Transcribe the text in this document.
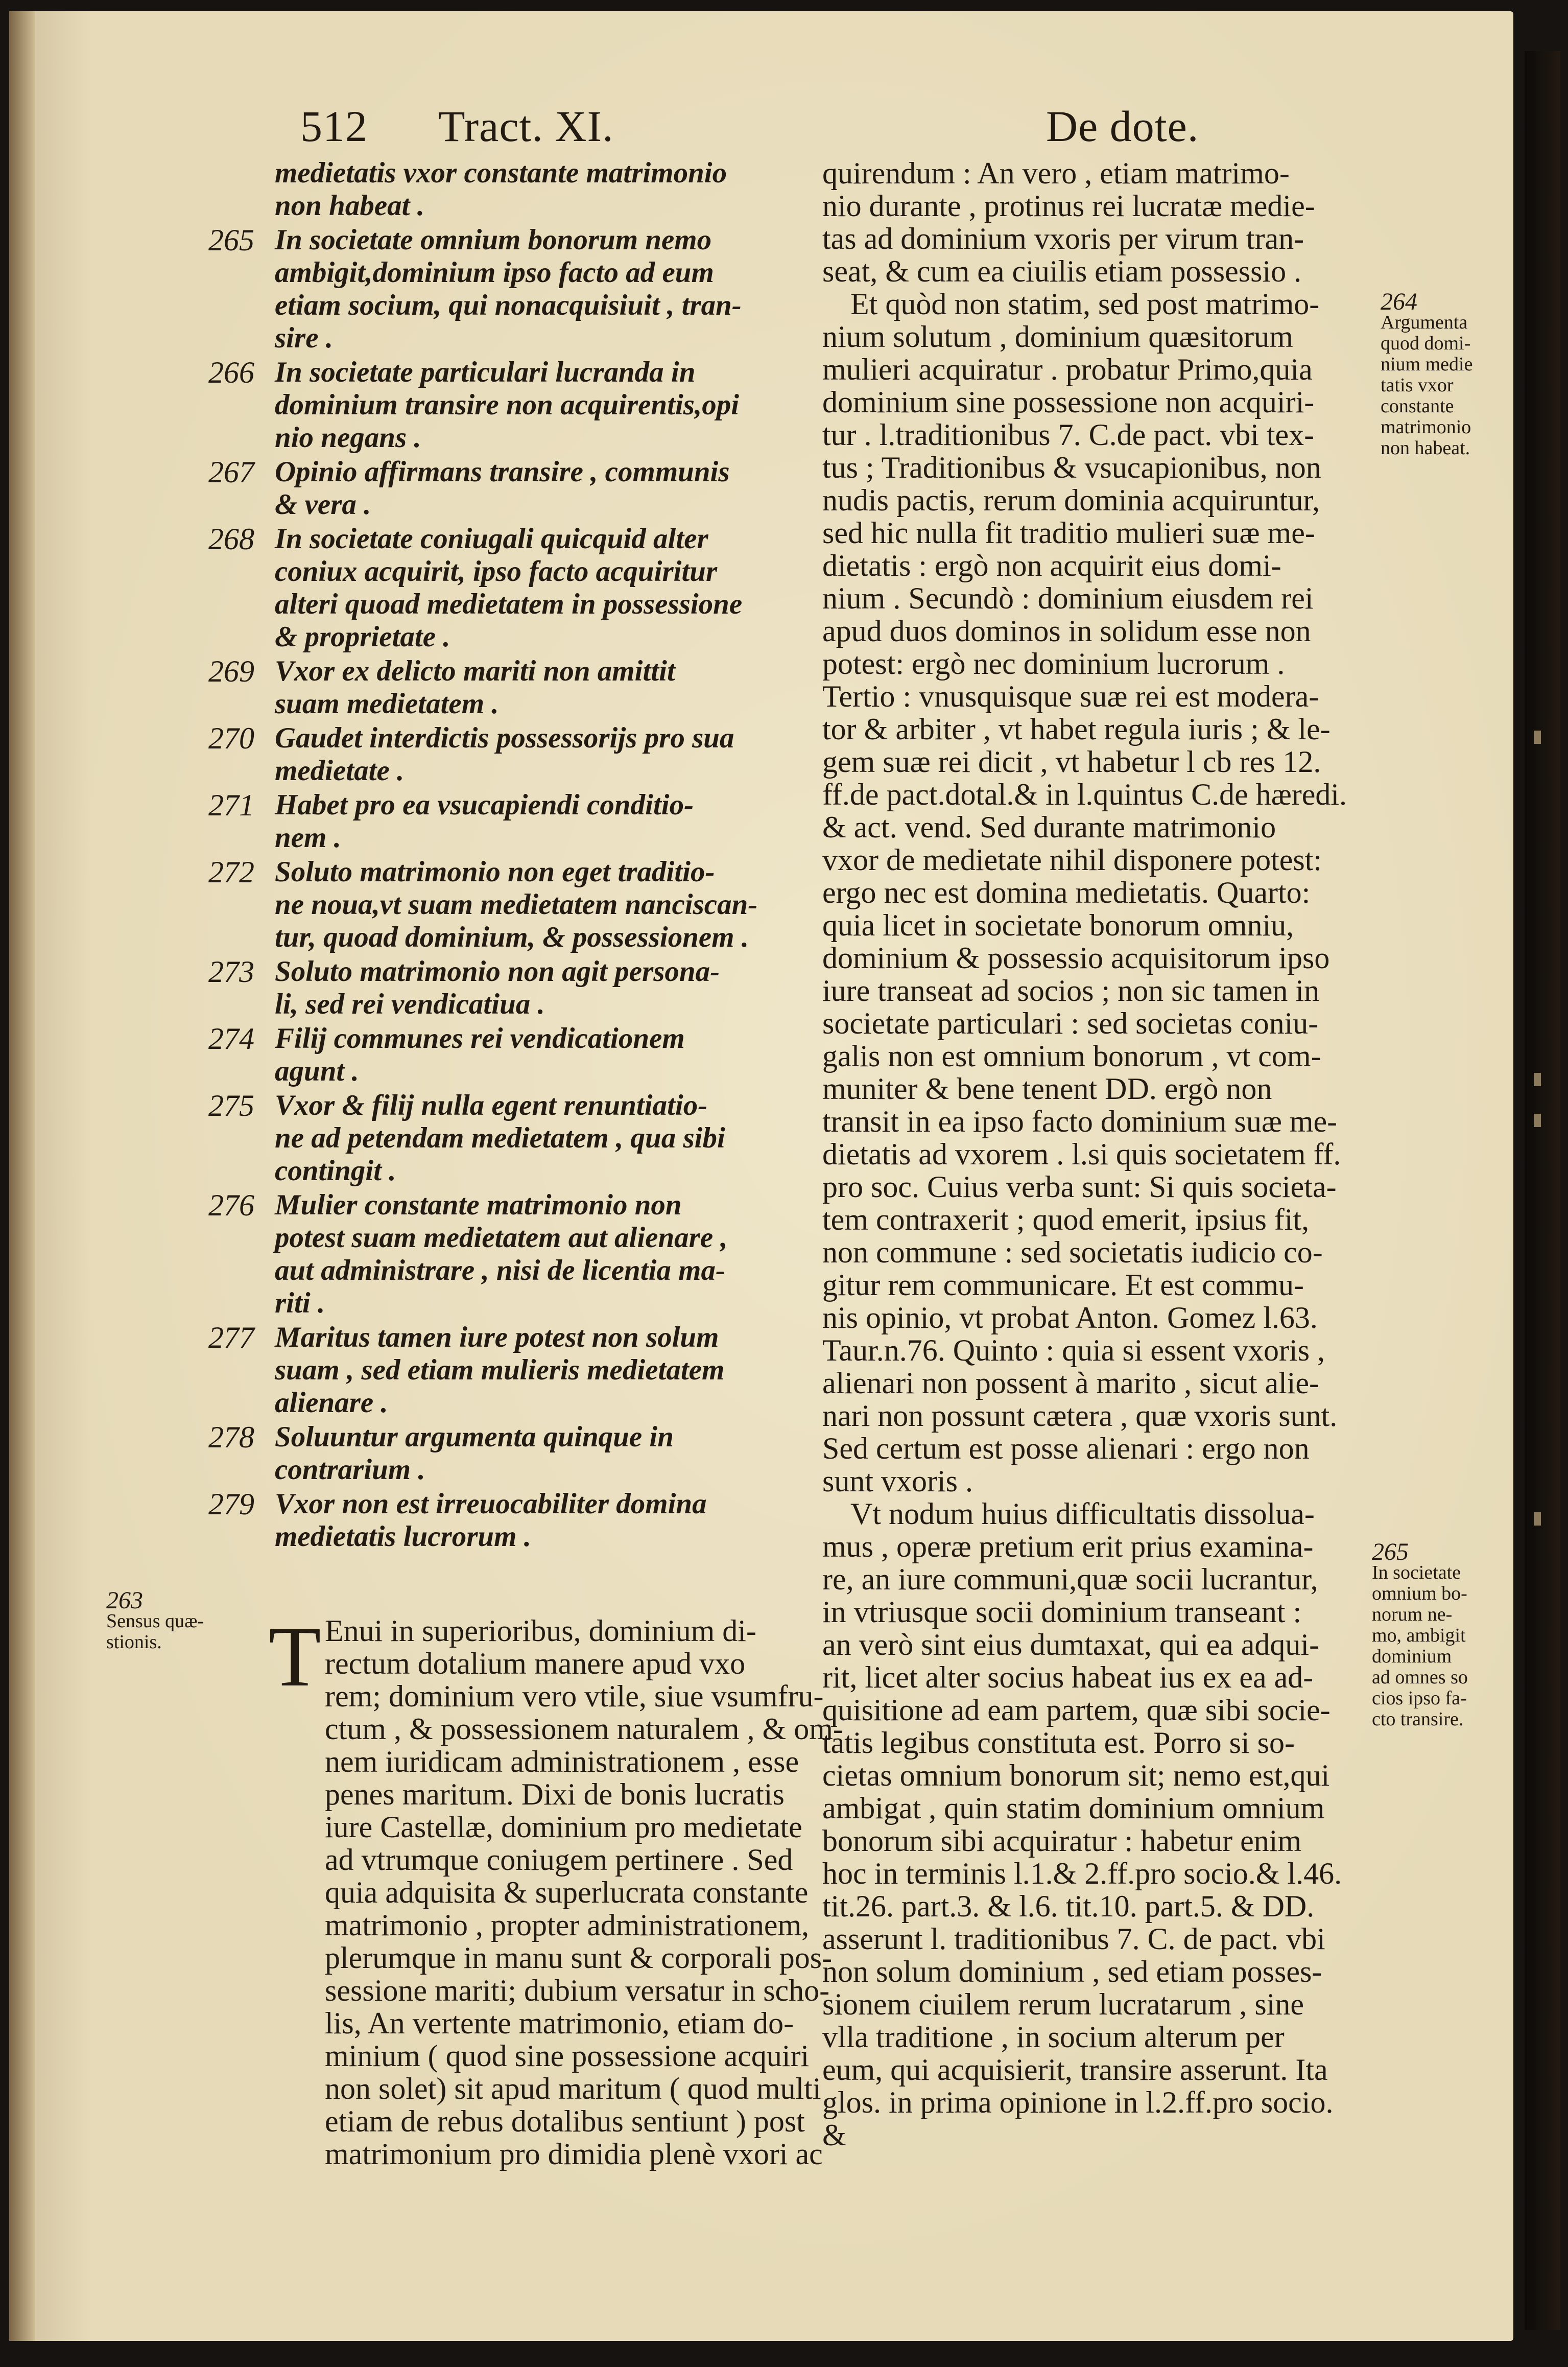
512 Tract. XI.	De dote.
medietatis vxor constante matrimonio
non habeat .
265 In societate omnium bonorum nemo
ambigit,dominium ipso facto ad eum
etiam socium, qui nonacquisiuit , tran-
sire .
266 In societate particulari lucranda in
dominium transire non acquirentis,opi
nio negans .
267 Opinio affirmans transire , communis
& vera .
268 In societate coniugali quicquid alter
coniux acquirit, ipso facto acquiritur
alteri quoad medietatem in possessione
& proprietate .
269 Vxor ex delicto mariti non amittit
suam medietatem .
270 Gaudet interdictis possessorijs pro sua
medietate .
271 Habet pro ea vsucapiendi conditio-
nem .
272 Soluto matrimonio non eget traditio-
ne noua,vt suam medietatem nanciscan-
tur, quoad dominium, & possessionem .
273 Soluto matrimonio non agit persona-
li, sed rei vendicatiua .
274 Filij communes rei vendicationem
agunt .
275 Vxor & filij nulla egent renuntiatio-
ne ad petendam medietatem , qua sibi
contingit .
276 Mulier constante matrimonio non
potest suam medietatem aut alienare ,
aut administrare , nisi de licentia ma-
riti .
277 Maritus tamen iure potest non solum
suam , sed etiam mulieris medietatem
alienare .
278 Soluuntur argumenta quinque in
contrarium .
279 Vxor non est irreuocabiliter domina
medietatis lucrorum .
T Enui in superioribus, dominium di-
rectum dotalium manere apud vxo
rem; dominium vero vtile, siue vsumfru-
ctum , & possessionem naturalem , & om-
nem iuridicam administrationem , esse
penes maritum. Dixi de bonis lucratis
iure Castellæ, dominium pro medietate
ad vtrumque coniugem pertinere . Sed
quia adquisita & superlucrata constante
matrimonio , propter administrationem,
plerumque in manu sunt & corporali pos-
sessione mariti; dubium versatur in scho-
lis, An vertente matrimonio, etiam do-
minium ( quod sine possessione acquiri
non solet) sit apud maritum ( quod multi
etiam de rebus dotalibus sentiunt ) post
matrimonium pro dimidia plenè vxori ac
quirendum : An vero , etiam matrimo-
nio durante , protinus rei lucratæ medie-
tas ad dominium vxoris per virum tran-
seat, & cum ea ciuilis etiam possessio .
Et quòd non statim, sed post matrimo-
nium solutum , dominium quæsitorum
mulieri acquiratur . probatur Primo,quia
dominium sine possessione non acquiri-
tur . l.traditionibus 7. C.de pact. vbi tex-
tus ; Traditionibus & vsucapionibus, non
nudis pactis, rerum dominia acquiruntur,
sed hic nulla fit traditio mulieri suæ me-
dietatis : ergò non acquirit eius domi-
nium . Secundò : dominium eiusdem rei
apud duos dominos in solidum esse non
potest: ergò nec dominium lucrorum .
Tertio : vnusquisque suæ rei est modera-
tor & arbiter , vt habet regula iuris ; & le-
gem suæ rei dicit , vt habetur l cb res 12.
ff.de pact.dotal.& in l.quintus C.de hæredi.
& act. vend. Sed durante matrimonio
vxor de medietate nihil disponere potest:
ergo nec est domina medietatis. Quarto:
quia licet in societate bonorum omniu,
dominium & possessio acquisitorum ipso
iure transeat ad socios ; non sic tamen in
societate particulari : sed societas coniu-
galis non est omnium bonorum , vt com-
muniter & bene tenent DD. ergò non
transit in ea ipso facto dominium suæ me-
dietatis ad vxorem . l.si quis societatem ff.
pro soc. Cuius verba sunt: Si quis societa-
tem contraxerit ; quod emerit, ipsius fit,
non commune : sed societatis iudicio co-
gitur rem communicare. Et est commu-
nis opinio, vt probat Anton. Gomez l.63.
Taur.n.76. Quinto : quia si essent vxoris ,
alienari non possent à marito , sicut alie-
nari non possunt cætera , quæ vxoris sunt.
Sed certum est posse alienari : ergo non
sunt vxoris .
Vt nodum huius difficultatis dissolua-
mus , operæ pretium erit prius examina-
re, an iure communi,quæ socii lucrantur,
in vtriusque socii dominium transeant :
an verò sint eius dumtaxat, qui ea adqui-
rit, licet alter socius habeat ius ex ea ad-
quisitione ad eam partem, quæ sibi socie-
tatis legibus constituta est. Porro si so-
cietas omnium bonorum sit; nemo est,qui
ambigat , quin statim dominium omnium
bonorum sibi acquiratur : habetur enim
hoc in terminis l.1.& 2.ff.pro socio.& l.46.
tit.26. part.3. & l.6. tit.10. part.5. & DD.
asserunt l. traditionibus 7. C. de pact. vbi
non solum dominium , sed etiam posses-
sionem ciuilem rerum lucratarum , sine
vlla traditione , in socium alterum per
eum, qui acquisierit, transire asserunt. Ita
glos. in prima opinione in l.2.ff.pro socio.
&
263
Sensus quæ-
stionis.
264
Argumenta
quod domi-
nium medie
tatis vxor
constante
matrimonio
non habeat.
265
In societate
omnium bo-
norum ne-
mo, ambigit
dominium
ad omnes so
cios ipso fa-
cto transire.
